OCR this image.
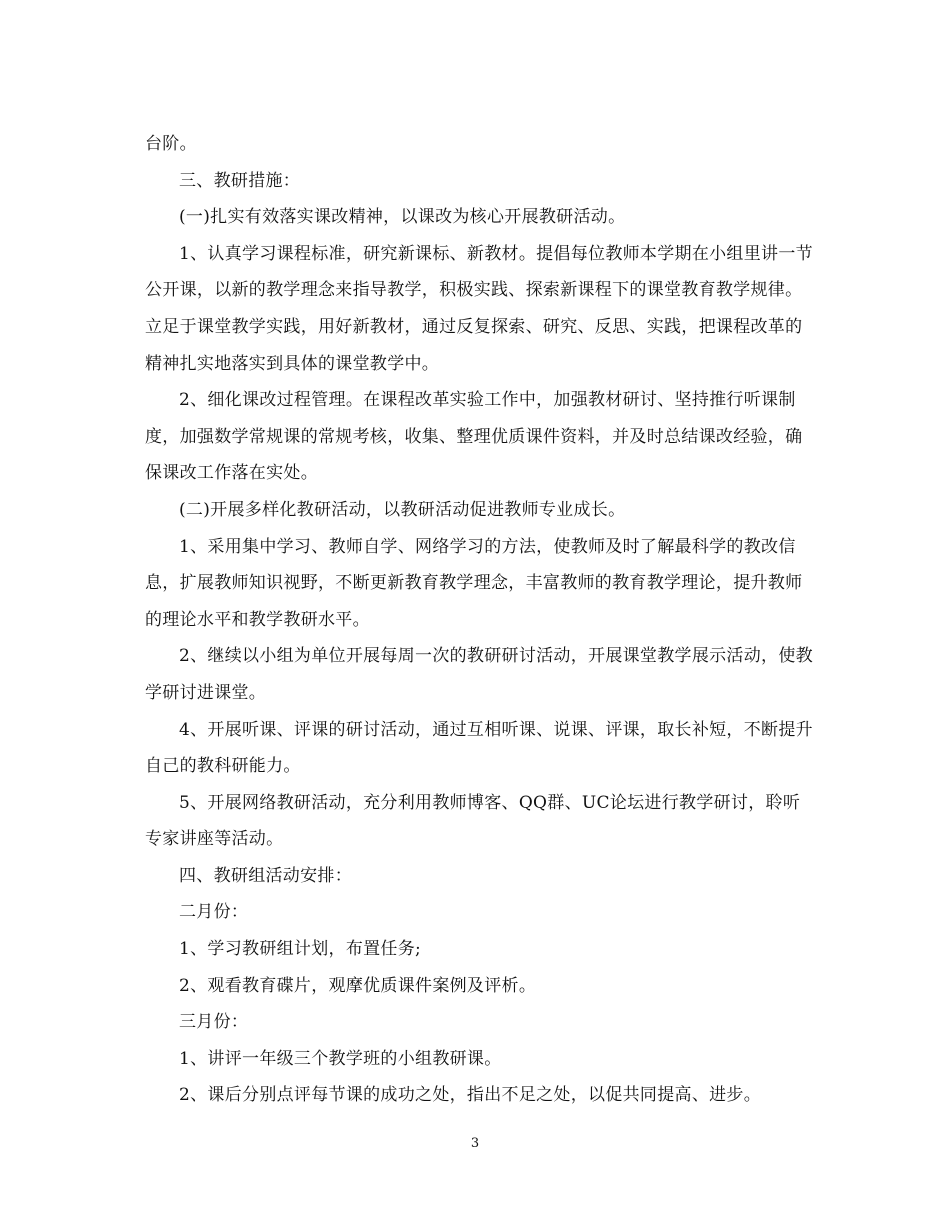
台阶。

三、教研措施：

(一)扎实有效落实课改精神，以课改为核心开展教研活动。

1、认真学习课程标准，研究新课标、新教材。提倡每位教师本学期在小组里讲一节公开课，以新的教学理念来指导教学，积极实践、探索新课程下的课堂教育教学规律。立足于课堂教学实践，用好新教材，通过反复探索、研究、反思、实践，把课程改革的精神扎实地落实到具体的课堂教学中。

2、细化课改过程管理。在课程改革实验工作中，加强教材研讨、坚持推行听课制度，加强数学常规课的常规考核，收集、整理优质课件资料，并及时总结课改经验，确保课改工作落在实处。

(二)开展多样化教研活动，以教研活动促进教师专业成长。

1、采用集中学习、教师自学、网络学习的方法，使教师及时了解最科学的教改信息，扩展教师知识视野，不断更新教育教学理念，丰富教师的教育教学理论，提升教师的理论水平和教学教研水平。

2、继续以小组为单位开展每周一次的教研研讨活动，开展课堂教学展示活动，使教学研讨进课堂。

4、开展听课、评课的研讨活动，通过互相听课、说课、评课，取长补短，不断提升自己的教科研能力。

5、开展网络教研活动，充分利用教师博客、QQ群、UC论坛进行教学研讨，聆听专家讲座等活动。

四、教研组活动安排：

二月份：

1、学习教研组计划，布置任务;

2、观看教育碟片，观摩优质课件案例及评析。

三月份：

1、讲评一年级三个教学班的小组教研课。

2、课后分别点评每节课的成功之处，指出不足之处，以促共同提高、进步。

3
